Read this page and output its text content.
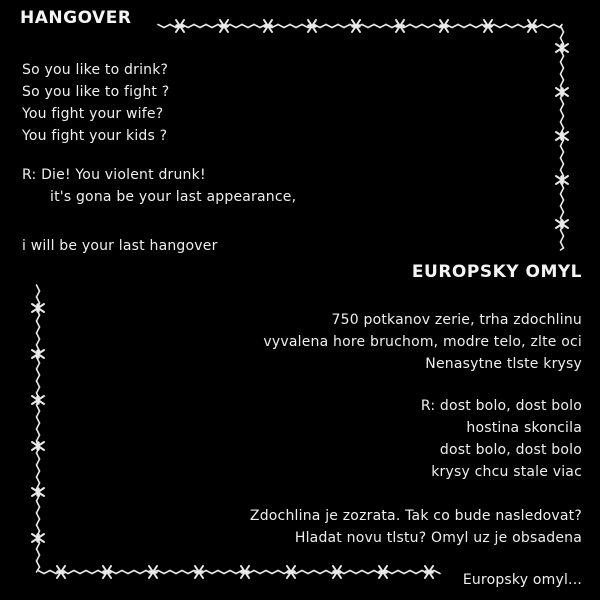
HANGOVER
So you like to drink?
So you like to fight ?
You fight your wife?
You fight your kids ?
R: Die! You violent drunk!
it's gona be your last appearance,
i will be your last hangover
EUROPSKY OMYL
750 potkanov zerie, trha zdochlinu
vyvalena hore bruchom, modre telo, zlte oci
Nenasytne tlste krysy
R: dost bolo, dost bolo
hostina skoncila
dost bolo, dost bolo
krysy chcu stale viac
Zdochlina je zozrata. Tak co bude nasledovat?
Hladat novu tlstu? Omyl uz je obsadena
Europsky omyl...
